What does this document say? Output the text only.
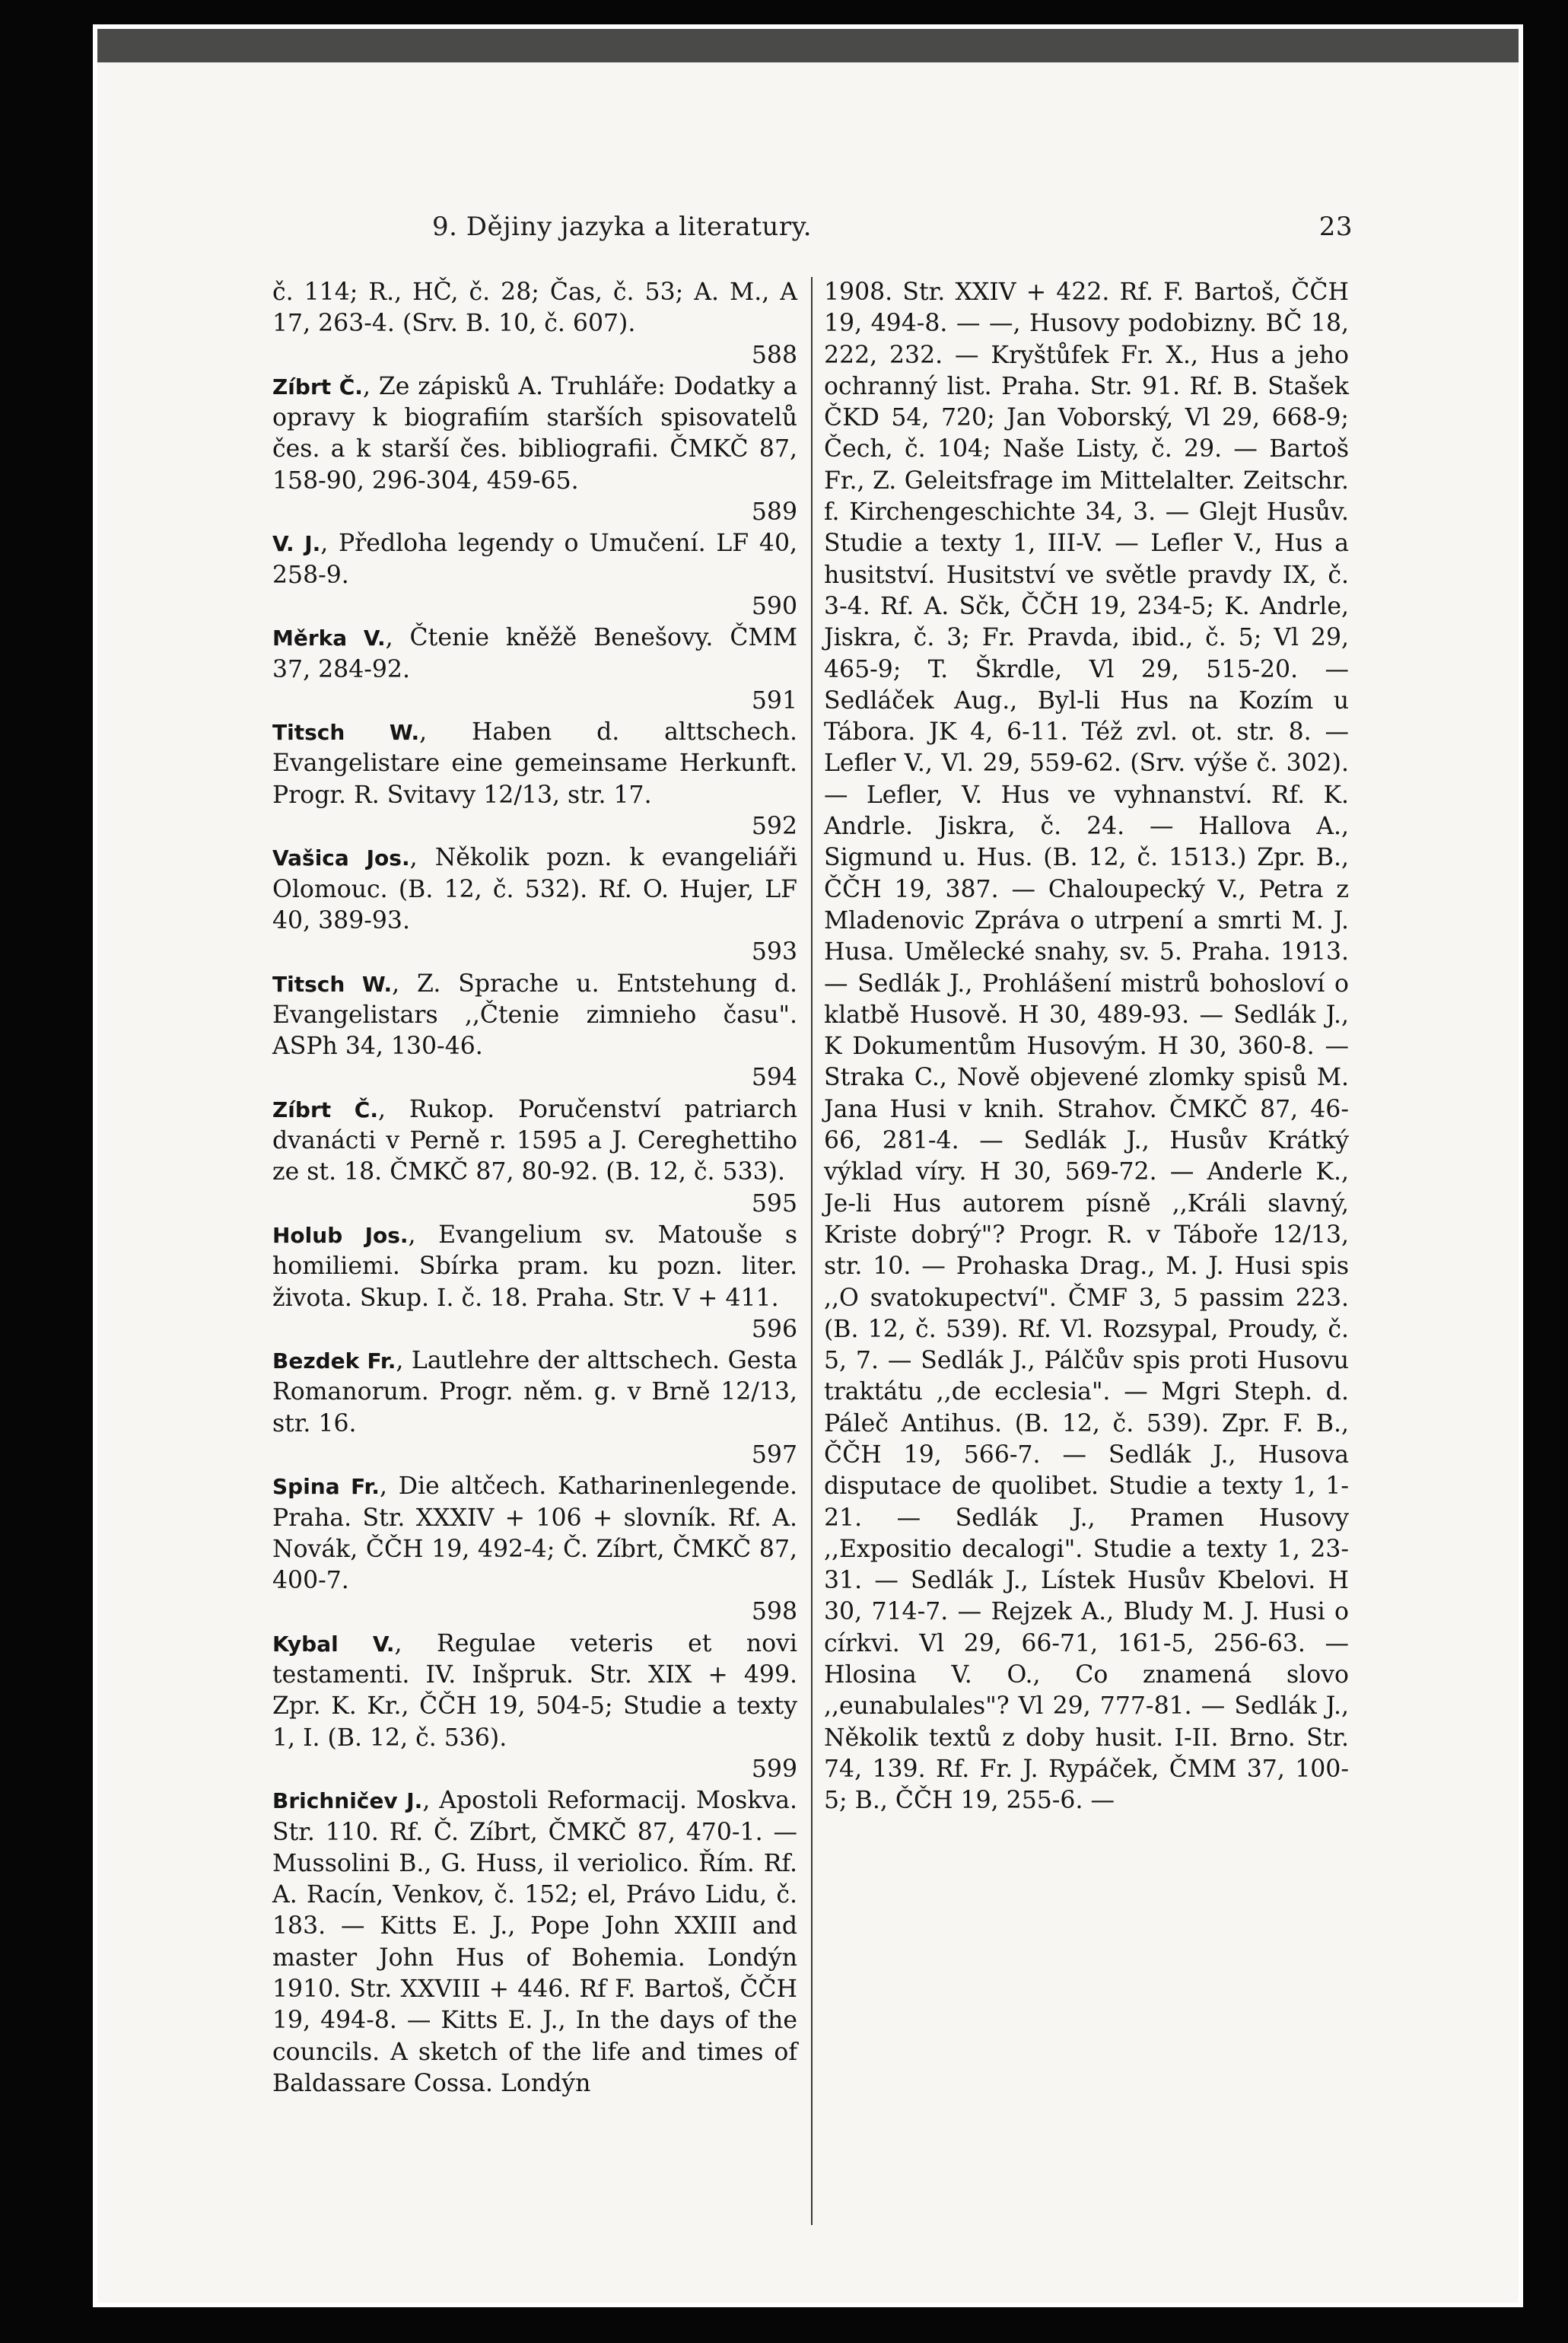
9. Dějiny jazyka a literatury.	23

č. 114; R., HČ, č. 28; Čas, č. 53; A. M., A 17, 263-4. (Srv. B. 10, č. 607).
588

Zíbrt Č., Ze zápisků A. Truhláře: Dodatky a opravy k biografiím starších spisovatelů čes. a k starší čes. bibliografii. ČMKČ 87, 158-90, 296-304, 459-65.
589

V. J., Předloha legendy o Umučení. LF 40, 258-9.
590

Měrka V., Čtenie kněžě Benešovy. ČMM 37, 284-92.
591

Titsch W., Haben d. alttschech. Evangelistare eine gemeinsame Herkunft. Progr. R. Svitavy 12/13, str. 17.
592

Vašica Jos., Několik pozn. k evangeliáři Olomouc. (B. 12, č. 532). Rf. O. Hujer, LF 40, 389-93.
593

Titsch W., Z. Sprache u. Entstehung d. Evangelistars ,,Čtenie zimnieho času". ASPh 34, 130-46.
594

Zíbrt Č., Rukop. Poručenství patriarch dvanácti v Perně r. 1595 a J. Cereghettiho ze st. 18. ČMKČ 87, 80-92. (B. 12, č. 533).
595

Holub Jos., Evangelium sv. Matouše s homiliemi. Sbírka pram. ku pozn. liter. života. Skup. I. č. 18. Praha. Str. V + 411.
596

Bezdek Fr., Lautlehre der alttschech. Gesta Romanorum. Progr. něm. g. v Brně 12/13, str. 16.
597

Spina Fr., Die altčech. Katharinenlegende. Praha. Str. XXXIV + 106 + slovník. Rf. A. Novák, ČČH 19, 492-4; Č. Zíbrt, ČMKČ 87, 400-7.
598

Kybal V., Regulae veteris et novi testamenti. IV. Inšpruk. Str. XIX + 499. Zpr. K. Kr., ČČH 19, 504-5; Studie a texty 1, I. (B. 12, č. 536).
599

Brichničev J., Apostoli Reformacij. Moskva. Str. 110. Rf. Č. Zíbrt, ČMKČ 87, 470-1. — Mussolini B., G. Huss, il veriolico. Řím. Rf. A. Racín, Venkov, č. 152; el, Právo Lidu, č. 183. — Kitts E. J., Pope John XXIII and master John Hus of Bohemia. Londýn 1910. Str. XXVIII + 446. Rf F. Bartoš, ČČH 19, 494-8. — Kitts E. J., In the days of the councils. A sketch of the life and times of Baldassare Cossa. Londýn

1908. Str. XXIV + 422. Rf. F. Bartoš, ČČH 19, 494-8. — —, Husovy podobizny. BČ 18, 222, 232. — Kryštůfek Fr. X., Hus a jeho ochranný list. Praha. Str. 91. Rf. B. Stašek ČKD 54, 720; Jan Voborský, Vl 29, 668-9; Čech, č. 104; Naše Listy, č. 29. — Bartoš Fr., Z. Geleitsfrage im Mittelalter. Zeitschr. f. Kirchengeschichte 34, 3. — Glejt Husův. Studie a texty 1, III-V. — Lefler V., Hus a husitství. Husitství ve světle pravdy IX, č. 3-4. Rf. A. Sčk, ČČH 19, 234-5; K. Andrle, Jiskra, č. 3; Fr. Pravda, ibid., č. 5; Vl 29, 465-9; T. Škrdle, Vl 29, 515-20. — Sedláček Aug., Byl-li Hus na Kozím u Tábora. JK 4, 6-11. Též zvl. ot. str. 8. — Lefler V., Vl. 29, 559-62. (Srv. výše č. 302). — Lefler, V. Hus ve vyhnanství. Rf. K. Andrle. Jiskra, č. 24. — Hallova A., Sigmund u. Hus. (B. 12, č. 1513.) Zpr. B., ČČH 19, 387. — Chaloupecký V., Petra z Mladenovic Zpráva o utrpení a smrti M. J. Husa. Umělecké snahy, sv. 5. Praha. 1913. — Sedlák J., Prohlášení mistrů bohosloví o klatbě Husově. H 30, 489-93. — Sedlák J., K Dokumentům Husovým. H 30, 360-8. — Straka C., Nově objevené zlomky spisů M. Jana Husi v knih. Strahov. ČMKČ 87, 46-66, 281-4. — Sedlák J., Husův Krátký výklad víry. H 30, 569-72. — Anderle K., Je-li Hus autorem písně ,,Králi slavný, Kriste dobrý"? Progr. R. v Táboře 12/13, str. 10. — Prohaska Drag., M. J. Husi spis ,,O svatokupectví". ČMF 3, 5 passim 223. (B. 12, č. 539). Rf. Vl. Rozsypal, Proudy, č. 5, 7. — Sedlák J., Pálčův spis proti Husovu traktátu ,,de ecclesia". — Mgri Steph. d. Páleč Antihus. (B. 12, č. 539). Zpr. F. B., ČČH 19, 566-7. — Sedlák J., Husova disputace de quolibet. Studie a texty 1, 1-21. — Sedlák J., Pramen Husovy ,,Expositio decalogi". Studie a texty 1, 23-31. — Sedlák J., Lístek Husův Kbelovi. H 30, 714-7. — Rejzek A., Bludy M. J. Husi o církvi. Vl 29, 66-71, 161-5, 256-63. — Hlosina V. O., Co znamená slovo ,,eunabulales"? Vl 29, 777-81. — Sedlák J., Několik textů z doby husit. I-II. Brno. Str. 74, 139. Rf. Fr. J. Rypáček, ČMM 37, 100-5; B., ČČH 19, 255-6. —
